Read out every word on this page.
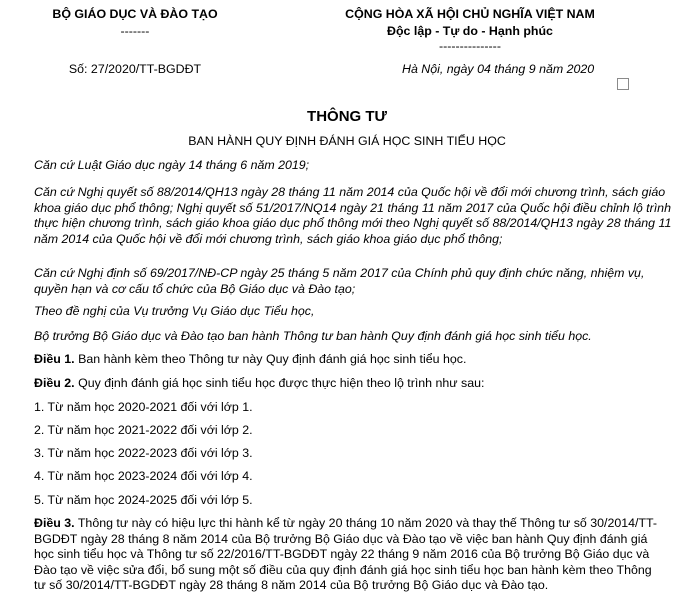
BỘ GIÁO DỤC VÀ ĐÀO TẠO
-------
CỘNG HÒA XÃ HỘI CHỦ NGHĨA VIỆT NAM
Độc lập - Tự do - Hạnh phúc
---------------
Số: 27/2020/TT-BGDĐT	Hà Nội, ngày 04 tháng 9 năm 2020
THÔNG TƯ
BAN HÀNH QUY ĐỊNH ĐÁNH GIÁ HỌC SINH TIỂU HỌC
Căn cứ Luật Giáo dục ngày 14 tháng 6 năm 2019;
Căn cứ Nghị quyết số 88/2014/QH13 ngày 28 tháng 11 năm 2014 của Quốc hội về đổi mới chương trình, sách giáo khoa giáo dục phổ thông; Nghị quyết số 51/2017/NQ14 ngày 21 tháng 11 năm 2017 của Quốc hội điều chỉnh lộ trình thực hiện chương trình, sách giáo khoa giáo dục phổ thông mới theo Nghị quyết số 88/2014/QH13 ngày 28 tháng 11 năm 2014 của Quốc hội về đổi mới chương trình, sách giáo khoa giáo dục phổ thông;
Căn cứ Nghị định số 69/2017/NĐ-CP ngày 25 tháng 5 năm 2017 của Chính phủ quy định chức năng, nhiệm vụ, quyền hạn và cơ cấu tổ chức của Bộ Giáo dục và Đào tạo;
Theo đề nghị của Vụ trưởng Vụ Giáo dục Tiểu học,
Bộ trưởng Bộ Giáo dục và Đào tạo ban hành Thông tư ban hành Quy định đánh giá học sinh tiểu học.
Điều 1. Ban hành kèm theo Thông tư này Quy định đánh giá học sinh tiểu học.
Điều 2. Quy định đánh giá học sinh tiểu học được thực hiện theo lộ trình như sau:
1. Từ năm học 2020-2021 đối với lớp 1.
2. Từ năm học 2021-2022 đối với lớp 2.
3. Từ năm học 2022-2023 đối với lớp 3.
4. Từ năm học 2023-2024 đối với lớp 4.
5. Từ năm học 2024-2025 đối với lớp 5.
Điều 3. Thông tư này có hiệu lực thi hành kể từ ngày 20 tháng 10 năm 2020 và thay thế Thông tư số 30/2014/TT-BGDĐT ngày 28 tháng 8 năm 2014 của Bộ trưởng Bộ Giáo dục và Đào tạo về việc ban hành Quy định đánh giá học sinh tiểu học và Thông tư số 22/2016/TT-BGDĐT ngày 22 tháng 9 năm 2016 của Bộ trưởng Bộ Giáo dục và Đào tạo về việc sửa đổi, bổ sung một số điều của quy định đánh giá học sinh tiểu học ban hành kèm theo Thông tư số 30/2014/TT-BGDĐT ngày 28 tháng 8 năm 2014 của Bộ trưởng Bộ Giáo dục và Đào tạo.
